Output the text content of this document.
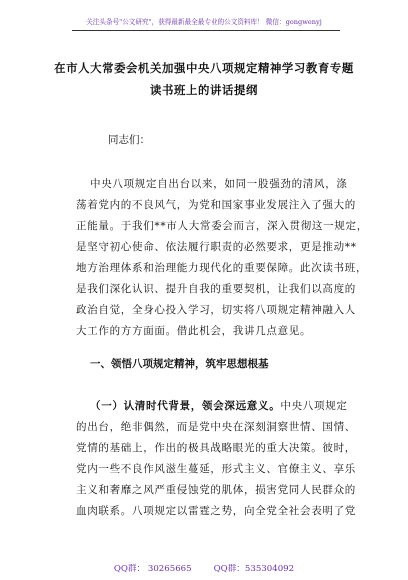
关注头条号"公文研究"，获得最新最全最专业的公文资料库！ 微信：gongwenyj
在市人大常委会机关加强中央八项规定精神学习教育专题
读书班上的讲话提纲
同志们：
中央八项规定自出台以来，如同一股强劲的清风，涤
荡着党内的不良风气，为党和国家事业发展注入了强大的
正能量。于我们**市人大常委会而言，深入贯彻这一规定，
是坚守初心使命、依法履行职责的必然要求，更是推动**
地方治理体系和治理能力现代化的重要保障。此次读书班，
是我们深化认识、提升自我的重要契机，让我们以高度的
政治自觉，全身心投入学习，切实将八项规定精神融入人
大工作的方方面面。借此机会，我讲几点意见。
一、领悟八项规定精神，筑牢思想根基
（一）认清时代背景，领会深远意义。中央八项规定
的出台，绝非偶然，而是党中央在深刻洞察世情、国情、
党情的基础上，作出的极具战略眼光的重大决策。彼时，
党内一些不良作风滋生蔓延，形式主义、官僚主义、享乐
主义和奢靡之风严重侵蚀党的肌体，损害党同人民群众的
血肉联系。八项规定以雷霆之势，向全党全社会表明了党
QQ群： 30265665	QQ群：535304092
